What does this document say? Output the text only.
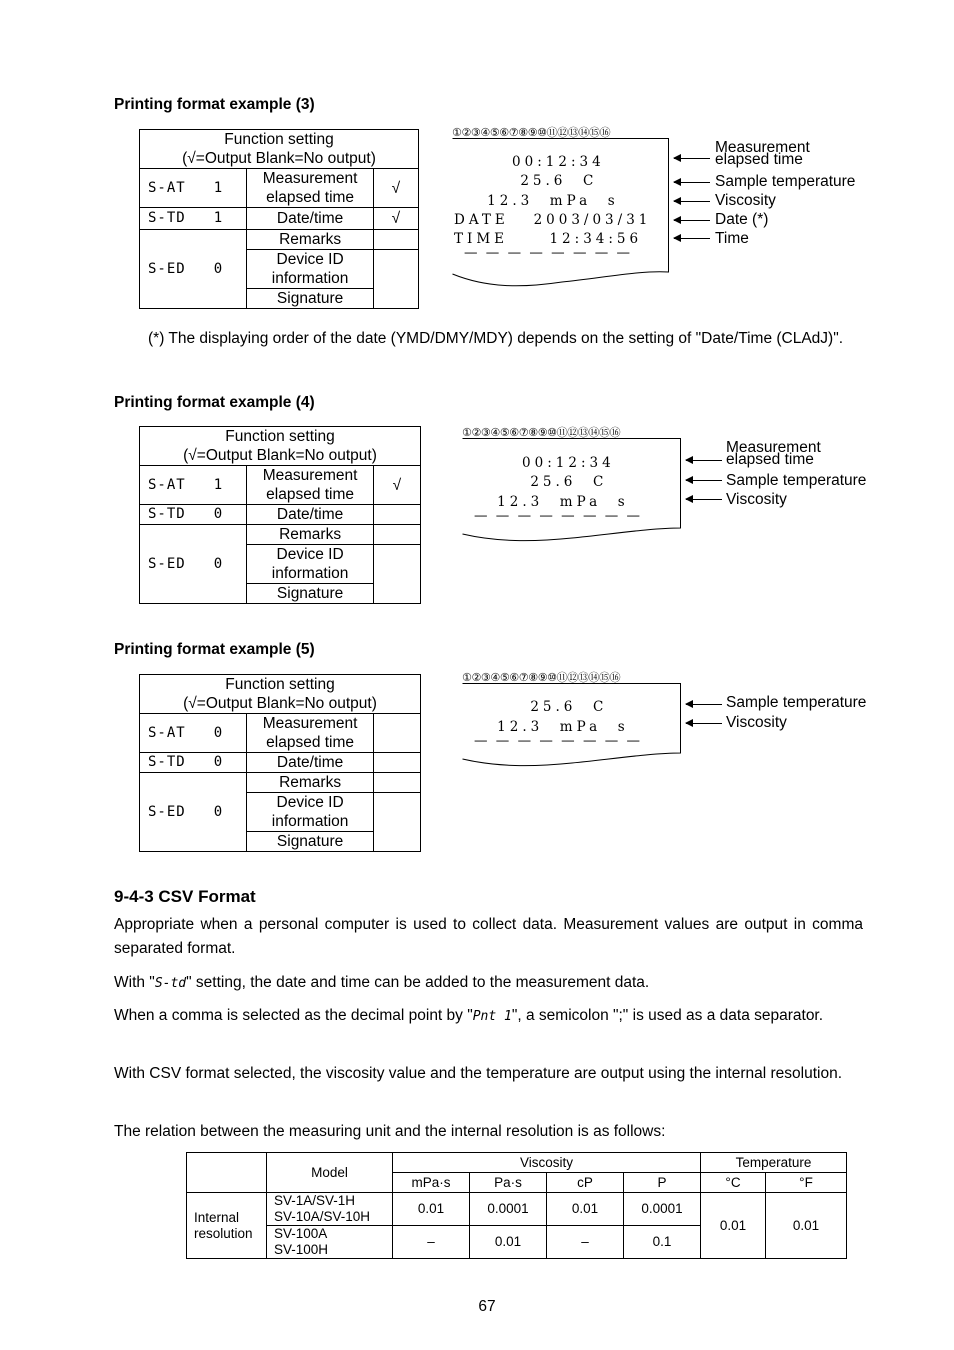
Printing format example (3)
Function setting
(√=Output Blank=No output)		
S-AT 1	Measurement
elapsed time	√
S-TD 1	Date/time	√
S-ED 0	Remarks	
	Device ID
information	
	Signature	
①②③④⑤⑥⑦⑧⑨⑩⑪⑫⑬⑭⑮⑯
00:12:34
25.6  C
12.3  mPa  s
DATE   2003/03/31
TIME     12:34:56
— — — — — — — —
Measurement elapsed time
Sample temperature
Viscosity
Date (*)
Time
(*) The displaying order of the date (YMD/DMY/MDY) depends on the setting of "Date/Time (CLAdJ)".
Printing format example (4)
Function setting
(√=Output Blank=No output)		
S-AT 1	Measurement
elapsed time	√
S-TD 0	Date/time	
S-ED 0	Remarks	
	Device ID
information	
	Signature	
①②③④⑤⑥⑦⑧⑨⑩⑪⑫⑬⑭⑮⑯
00:12:34
25.6  C
12.3  mPa  s
— — — — — — — —
Measurement elapsed time
Sample temperature
Viscosity
Printing format example (5)
Function setting
(√=Output Blank=No output)		
S-AT 0	Measurement
elapsed time	
S-TD 0	Date/time	
S-ED 0	Remarks	
	Device ID
information	
	Signature	
①②③④⑤⑥⑦⑧⑨⑩⑪⑫⑬⑭⑮⑯
25.6  C
12.3  mPa  s
— — — — — — — —
Sample temperature
Viscosity
9-4-3 CSV Format
Appropriate when a personal computer is used to collect data. Measurement values are output in comma separated format.
With "S-td" setting, the date and time can be added to the measurement data.
When a comma is selected as the decimal point by "Pnt 1", a semicolon ";" is used as a data separator.
With CSV format selected, the viscosity value and the temperature are output using the internal resolution.
The relation between the measuring unit and the internal resolution is as follows:
	Model	Viscosity				Temperature	
		mPa·s	Pa·s	cP	P	°C	°F
Internal
resolution	SV-1A/SV-1H
SV-10A/SV-10H	0.01	0.0001	0.01	0.0001	0.01	0.01
	SV-100A
SV-100H	–	0.01	–	0.1		
67
